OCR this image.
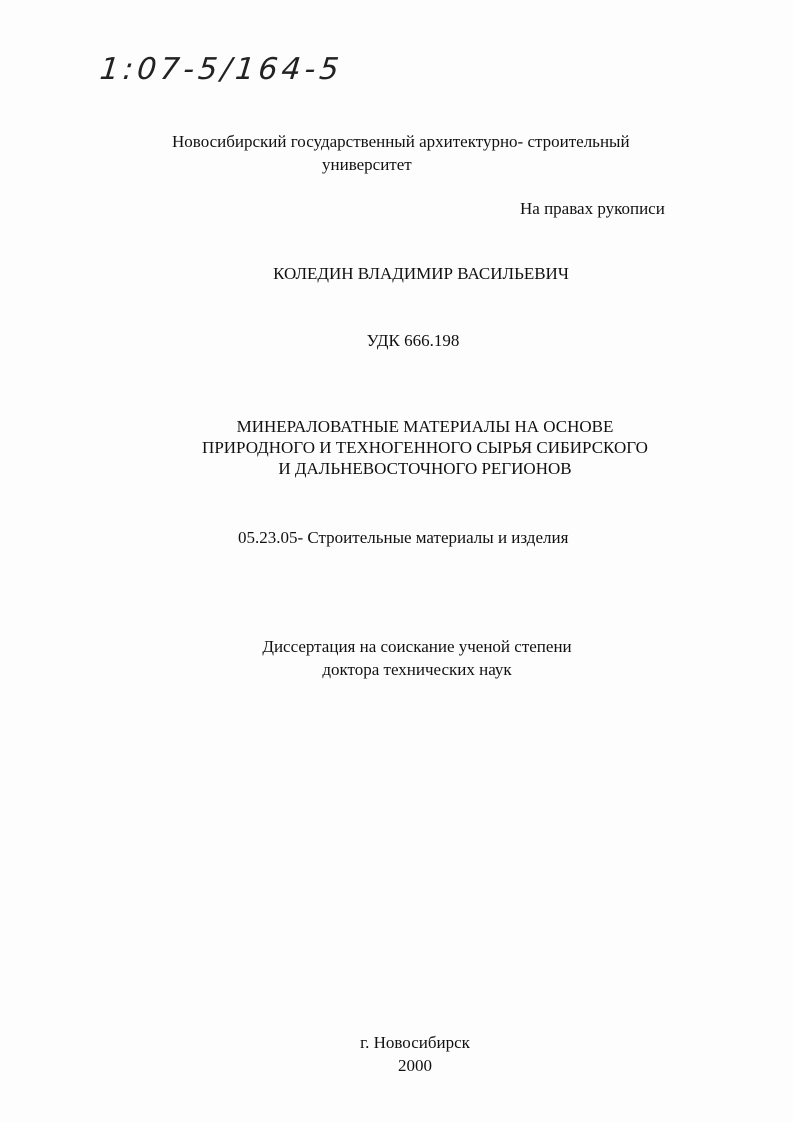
1:07-5/164-5
Новосибирский государственный архитектурно- строительный
университет
На правах рукописи
КОЛЕДИН ВЛАДИМИР ВАСИЛЬЕВИЧ
УДК 666.198
МИНЕРАЛОВАТНЫЕ МАТЕРИАЛЫ НА ОСНОВЕ
ПРИРОДНОГО И ТЕХНОГЕННОГО СЫРЬЯ СИБИРСКОГО
И ДАЛЬНЕВОСТОЧНОГО РЕГИОНОВ
05.23.05- Строительные материалы и изделия
Диссертация на соискание ученой степени
доктора технических наук
г. Новосибирск
2000
